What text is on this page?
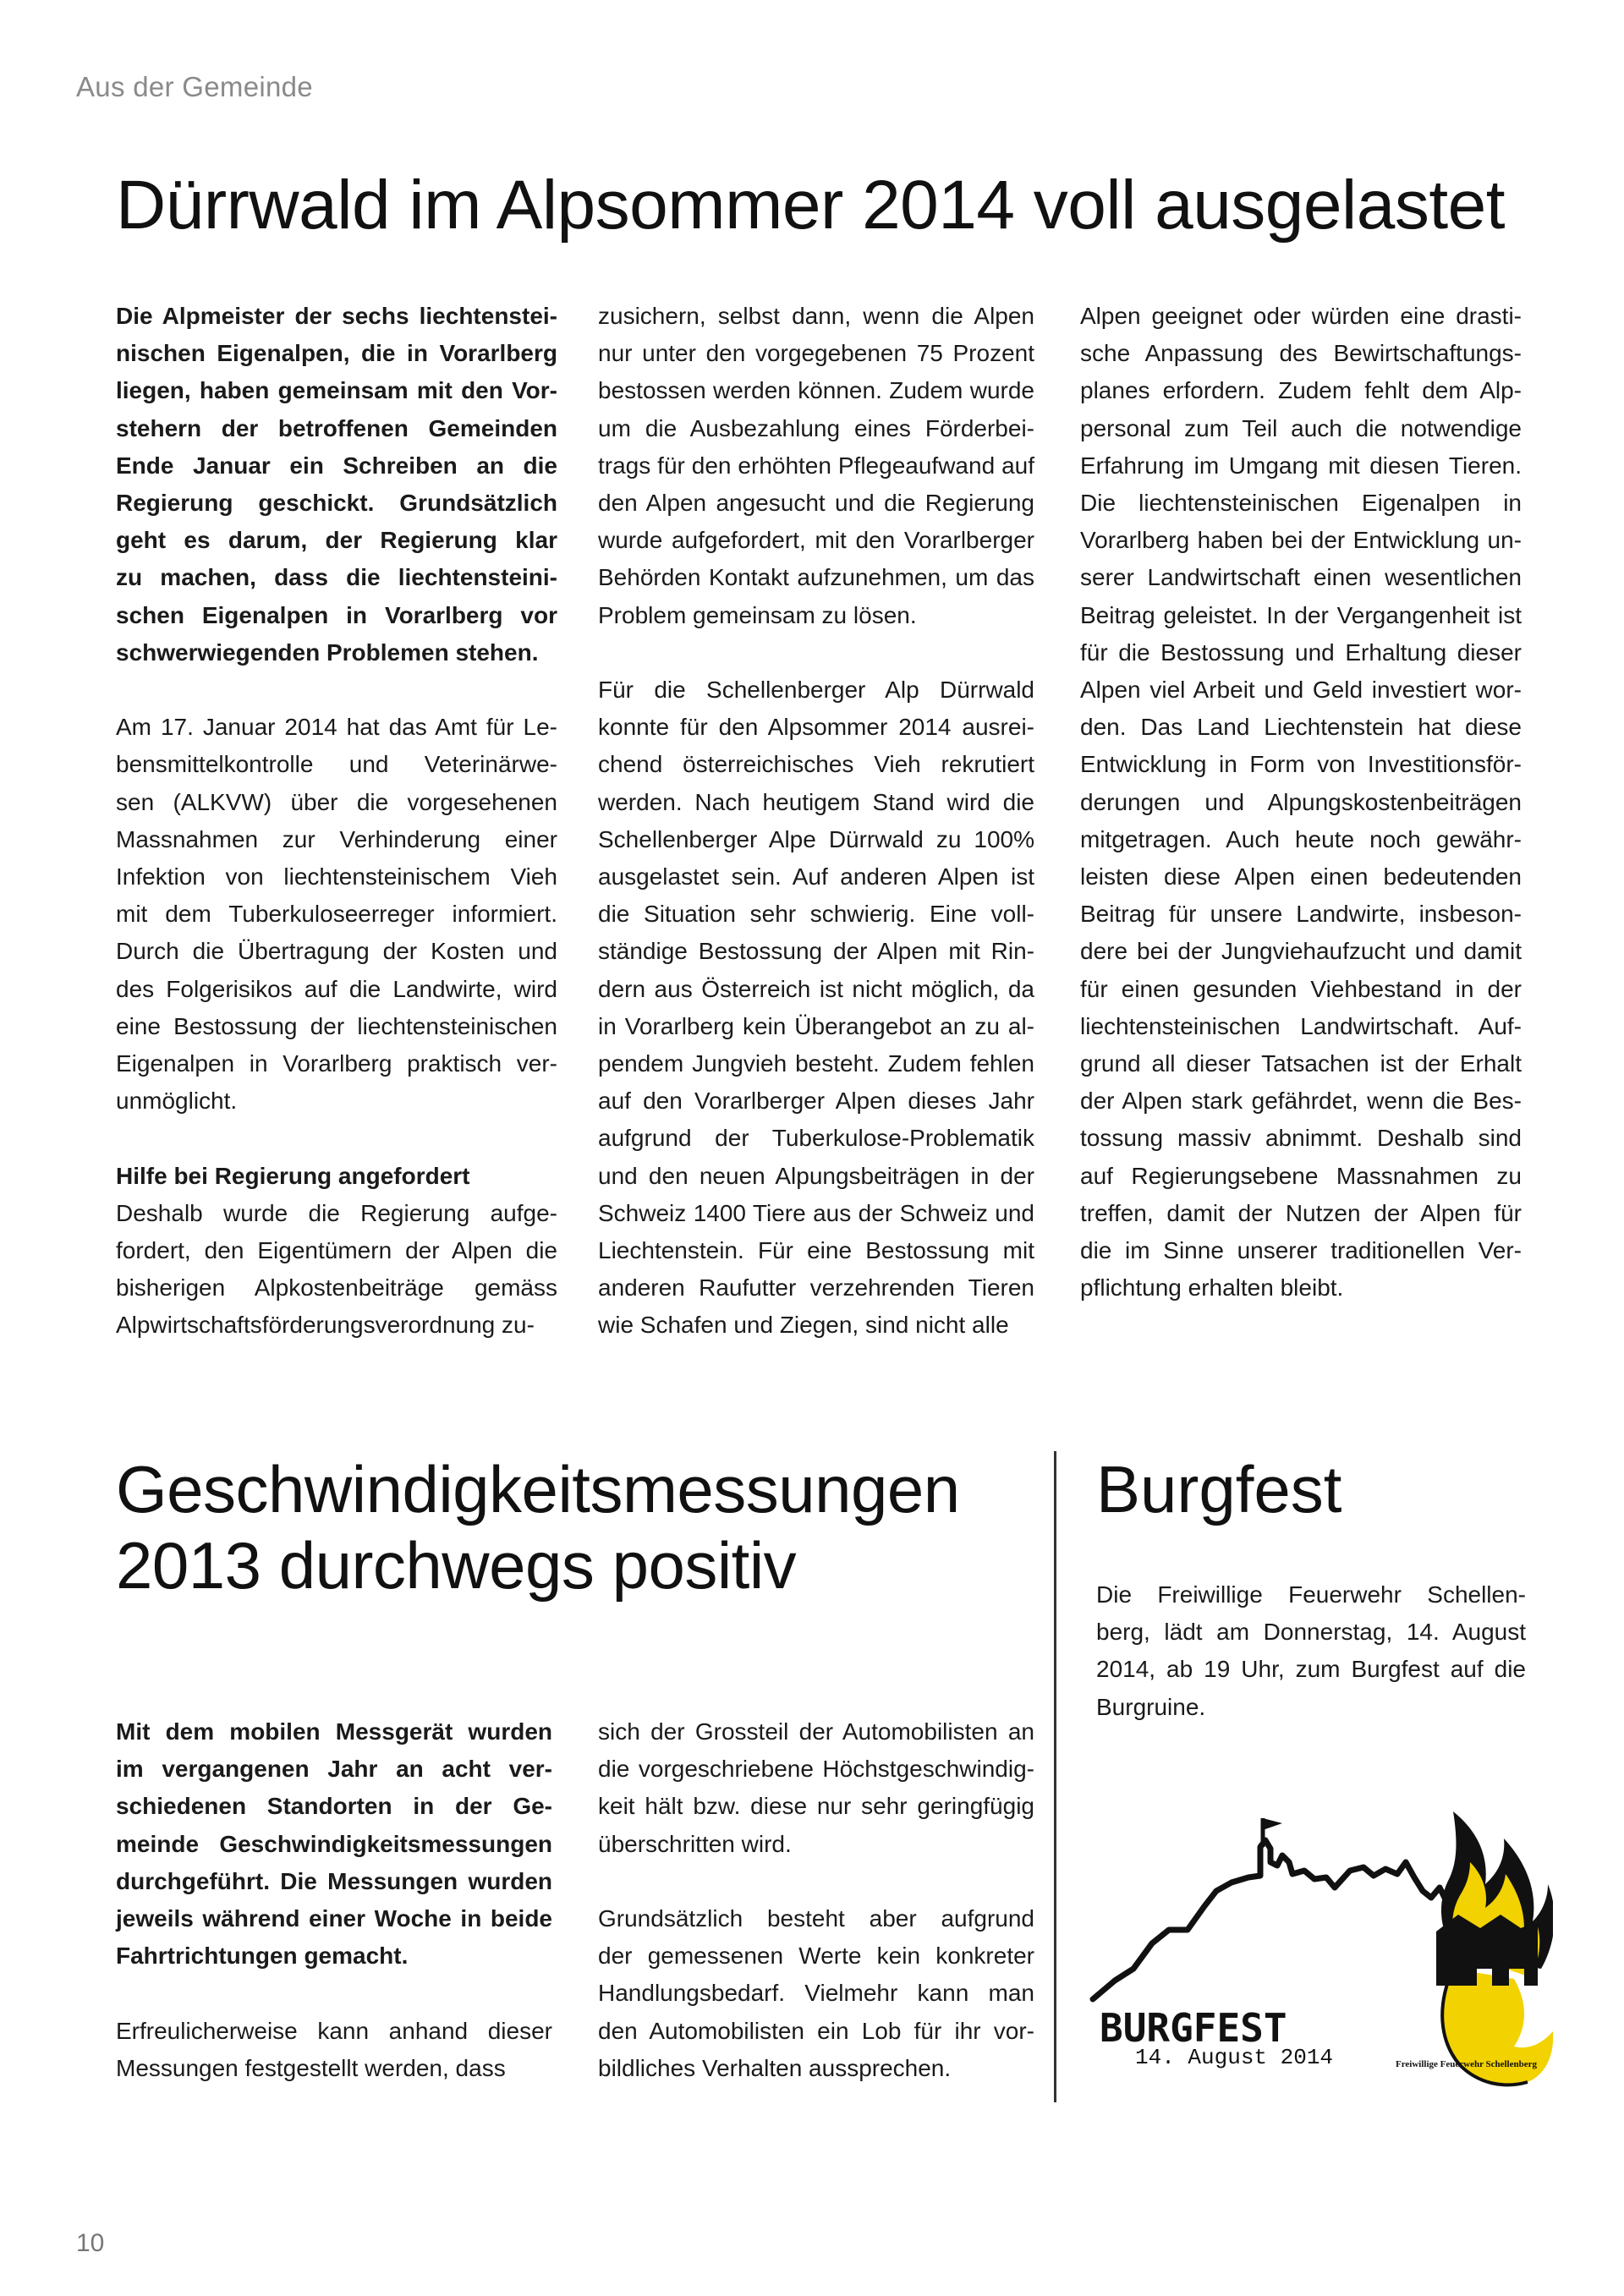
Aus der Gemeinde
Dürrwald im Alpsommer 2014 voll ausgelastet
Die Alpmeister der sechs liechtenstei-
nischen Eigenalpen, die in Vorarlberg
liegen, haben gemeinsam mit den Vor-
stehern der betroffenen Gemeinden
Ende Januar ein Schreiben an die
Regierung geschickt. Grundsätzlich
geht es darum, der Regierung klar
zu machen, dass die liechtensteini-
schen Eigenalpen in Vorarlberg vor
schwerwiegenden Problemen stehen.

Am 17. Januar 2014 hat das Amt für Le-
bensmittelkontrolle und Veterinärwe-
sen (ALKVW) über die vorgesehenen
Massnahmen zur Verhinderung einer
Infektion von liechtensteinischem Vieh
mit dem Tuberkuloseerreger informiert.
Durch die Übertragung der Kosten und
des Folgerisikos auf die Landwirte, wird
eine Bestossung der liechtensteinischen
Eigenalpen in Vorarlberg praktisch ver-
unmöglicht.

Hilfe bei Regierung angefordert
Deshalb wurde die Regierung aufge-
fordert, den Eigentümern der Alpen die
bisherigen Alpkostenbeiträge gemäss
Alpwirtschaftsförderungsverordnung zu-
zusichern, selbst dann, wenn die Alpen
nur unter den vorgegebenen 75 Prozent
bestossen werden können. Zudem wurde
um die Ausbezahlung eines Förderbei-
trags für den erhöhten Pflegeaufwand auf
den Alpen angesucht und die Regierung
wurde aufgefordert, mit den Vorarlberger
Behörden Kontakt aufzunehmen, um das
Problem gemeinsam zu lösen.

Für die Schellenberger Alp Dürrwald
konnte für den Alpsommer 2014 ausrei-
chend österreichisches Vieh rekrutiert
werden. Nach heutigem Stand wird die
Schellenberger Alpe Dürrwald zu 100%
ausgelastet sein. Auf anderen Alpen ist
die Situation sehr schwierig. Eine voll-
ständige Bestossung der Alpen mit Rin-
dern aus Österreich ist nicht möglich, da
in Vorarlberg kein Überangebot an zu al-
pendem Jungvieh besteht. Zudem fehlen
auf den Vorarlberger Alpen dieses Jahr
aufgrund der Tuberkulose-Problematik
und den neuen Alpungsbeiträgen in der
Schweiz 1400 Tiere aus der Schweiz und
Liechtenstein. Für eine Bestossung mit
anderen Raufutter verzehrenden Tieren
wie Schafen und Ziegen, sind nicht alle
Alpen geeignet oder würden eine drasti-
sche Anpassung des Bewirtschaftungs-
planes erfordern. Zudem fehlt dem Alp-
personal zum Teil auch die notwendige
Erfahrung im Umgang mit diesen Tieren.
Die liechtensteinischen Eigenalpen in
Vorarlberg haben bei der Entwicklung un-
serer Landwirtschaft einen wesentlichen
Beitrag geleistet. In der Vergangenheit ist
für die Bestossung und Erhaltung dieser
Alpen viel Arbeit und Geld investiert wor-
den. Das Land Liechtenstein hat diese
Entwicklung in Form von Investitionsför-
derungen und Alpungskostenbeiträgen
mitgetragen. Auch heute noch gewähr-
leisten diese Alpen einen bedeutenden
Beitrag für unsere Landwirte, insbeson-
dere bei der Jungviehaufzucht und damit
für einen gesunden Viehbestand in der
liechtensteinischen Landwirtschaft. Auf-
grund all dieser Tatsachen ist der Erhalt
der Alpen stark gefährdet, wenn die Bes-
tossung massiv abnimmt. Deshalb sind
auf Regierungsebene Massnahmen zu
treffen, damit der Nutzen der Alpen für
die im Sinne unserer traditionellen Ver-
pflichtung erhalten bleibt.
Geschwindigkeitsmessungen
2013 durchwegs positiv
Mit dem mobilen Messgerät wurden
im vergangenen Jahr an acht ver-
schiedenen Standorten in der Ge-
meinde Geschwindigkeitsmessungen
durchgeführt. Die Messungen wurden
jeweils während einer Woche in beide
Fahrtrichtungen gemacht.

Erfreulicherweise kann anhand dieser
Messungen festgestellt werden, dass
sich der Grossteil der Automobilisten an
die vorgeschriebene Höchstgeschwindig-
keit hält bzw. diese nur sehr geringfügig
überschritten wird.

Grundsätzlich besteht aber aufgrund
der gemessenen Werte kein konkreter
Handlungsbedarf. Vielmehr kann man
den Automobilisten ein Lob für ihr vor-
bildliches Verhalten aussprechen.
Burgfest
Die Freiwillige Feuerwehr Schellen-
berg, lädt am Donnerstag, 14. August
2014, ab 19 Uhr, zum Burgfest auf die
Burgruine.
BURGFEST
14. August 2014	Freiwillige Feuerwehr Schellenberg
10
